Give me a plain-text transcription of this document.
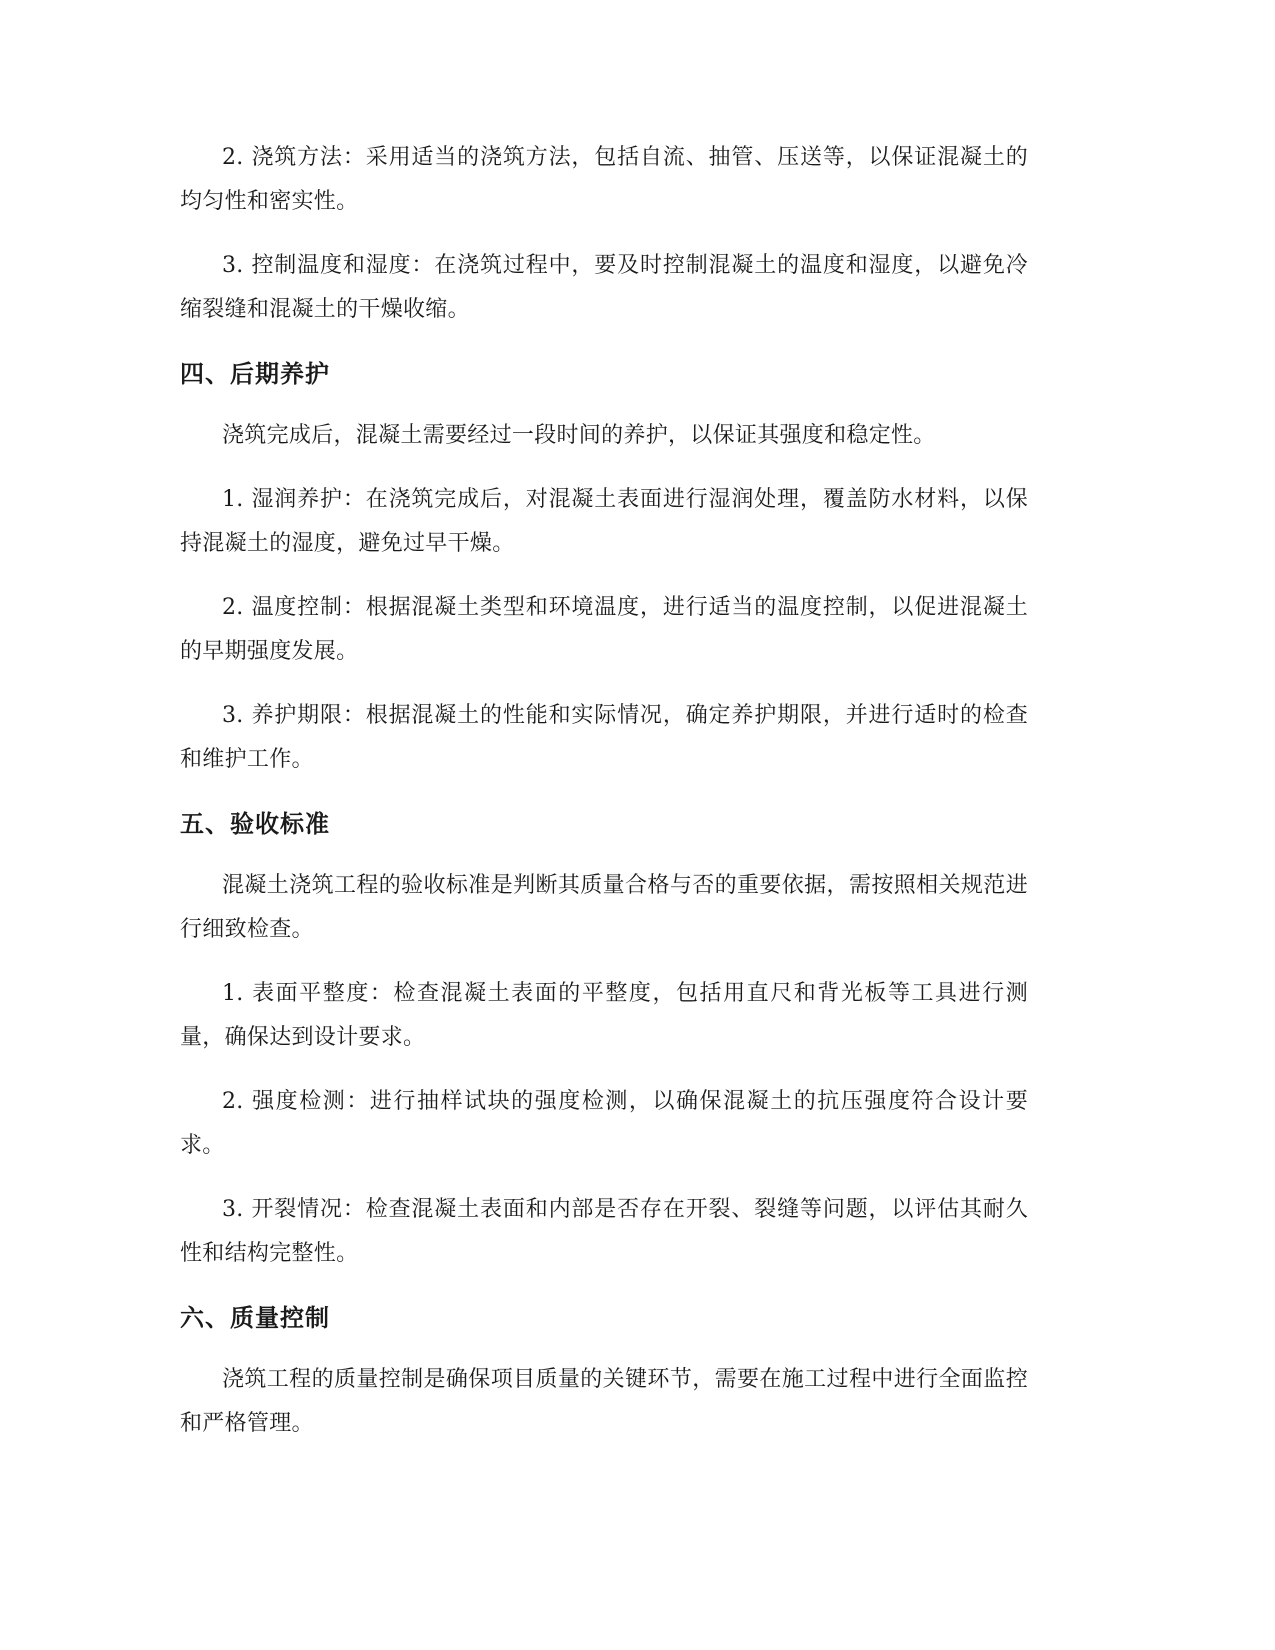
2. 浇筑方法：采用适当的浇筑方法，包括自流、抽管、压送等，以保证混凝土的均匀性和密实性。

3. 控制温度和湿度：在浇筑过程中，要及时控制混凝土的温度和湿度，以避免冷缩裂缝和混凝土的干燥收缩。

四、后期养护

浇筑完成后，混凝土需要经过一段时间的养护，以保证其强度和稳定性。

1. 湿润养护：在浇筑完成后，对混凝土表面进行湿润处理，覆盖防水材料，以保持混凝土的湿度，避免过早干燥。

2. 温度控制：根据混凝土类型和环境温度，进行适当的温度控制，以促进混凝土的早期强度发展。

3. 养护期限：根据混凝土的性能和实际情况，确定养护期限，并进行适时的检查和维护工作。

五、验收标准

混凝土浇筑工程的验收标准是判断其质量合格与否的重要依据，需按照相关规范进行细致检查。

1. 表面平整度：检查混凝土表面的平整度，包括用直尺和背光板等工具进行测量，确保达到设计要求。

2. 强度检测：进行抽样试块的强度检测，以确保混凝土的抗压强度符合设计要求。

3. 开裂情况：检查混凝土表面和内部是否存在开裂、裂缝等问题，以评估其耐久性和结构完整性。

六、质量控制

浇筑工程的质量控制是确保项目质量的关键环节，需要在施工过程中进行全面监控和严格管理。
